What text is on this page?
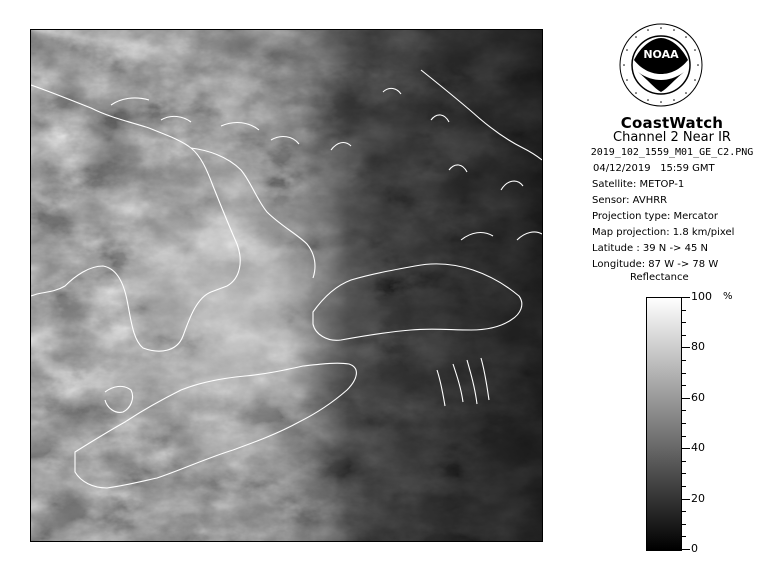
NOAA
CoastWatch
Channel 2 Near IR
2019_102_1559_M01_GE_C2.PNG
04/12/2019 15:59 GMT
Satellite: METOP-1
Sensor: AVHRR
Projection type: Mercator
Map projection: 1.8 km/pixel
Latitude : 39 N -> 45 N
Longitude: 87 W -> 78 W
Reflectance
%
100
80
60
40
20
0
